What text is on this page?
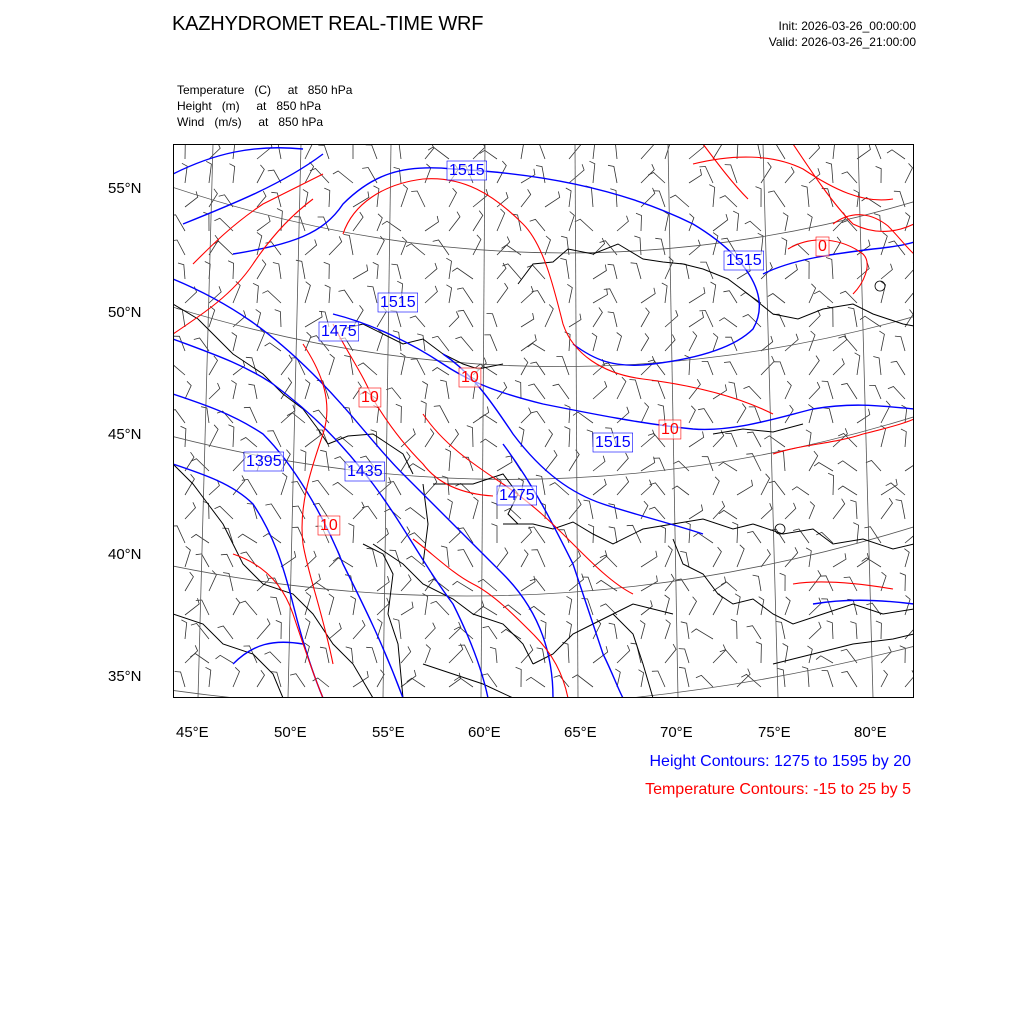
KAZHYDROMET REAL-TIME WRF	Init: 2026-03-26_00:00:00
Valid: 2026-03-26_21:00:00
Temperature   (C)     at   850 hPa
Height   (m)     at   850 hPa
Wind   (m/s)     at   850 hPa
1515
1515
1515
1515
1475
1475
1435
1395
0
10
10
10
10
55°N
50°N
45°N
40°N
35°N
45°E	50°E	55°E	60°E	65°E	70°E	75°E	80°E
Height Contours: 1275 to 1595 by 20
Temperature Contours: -15 to 25 by 5
